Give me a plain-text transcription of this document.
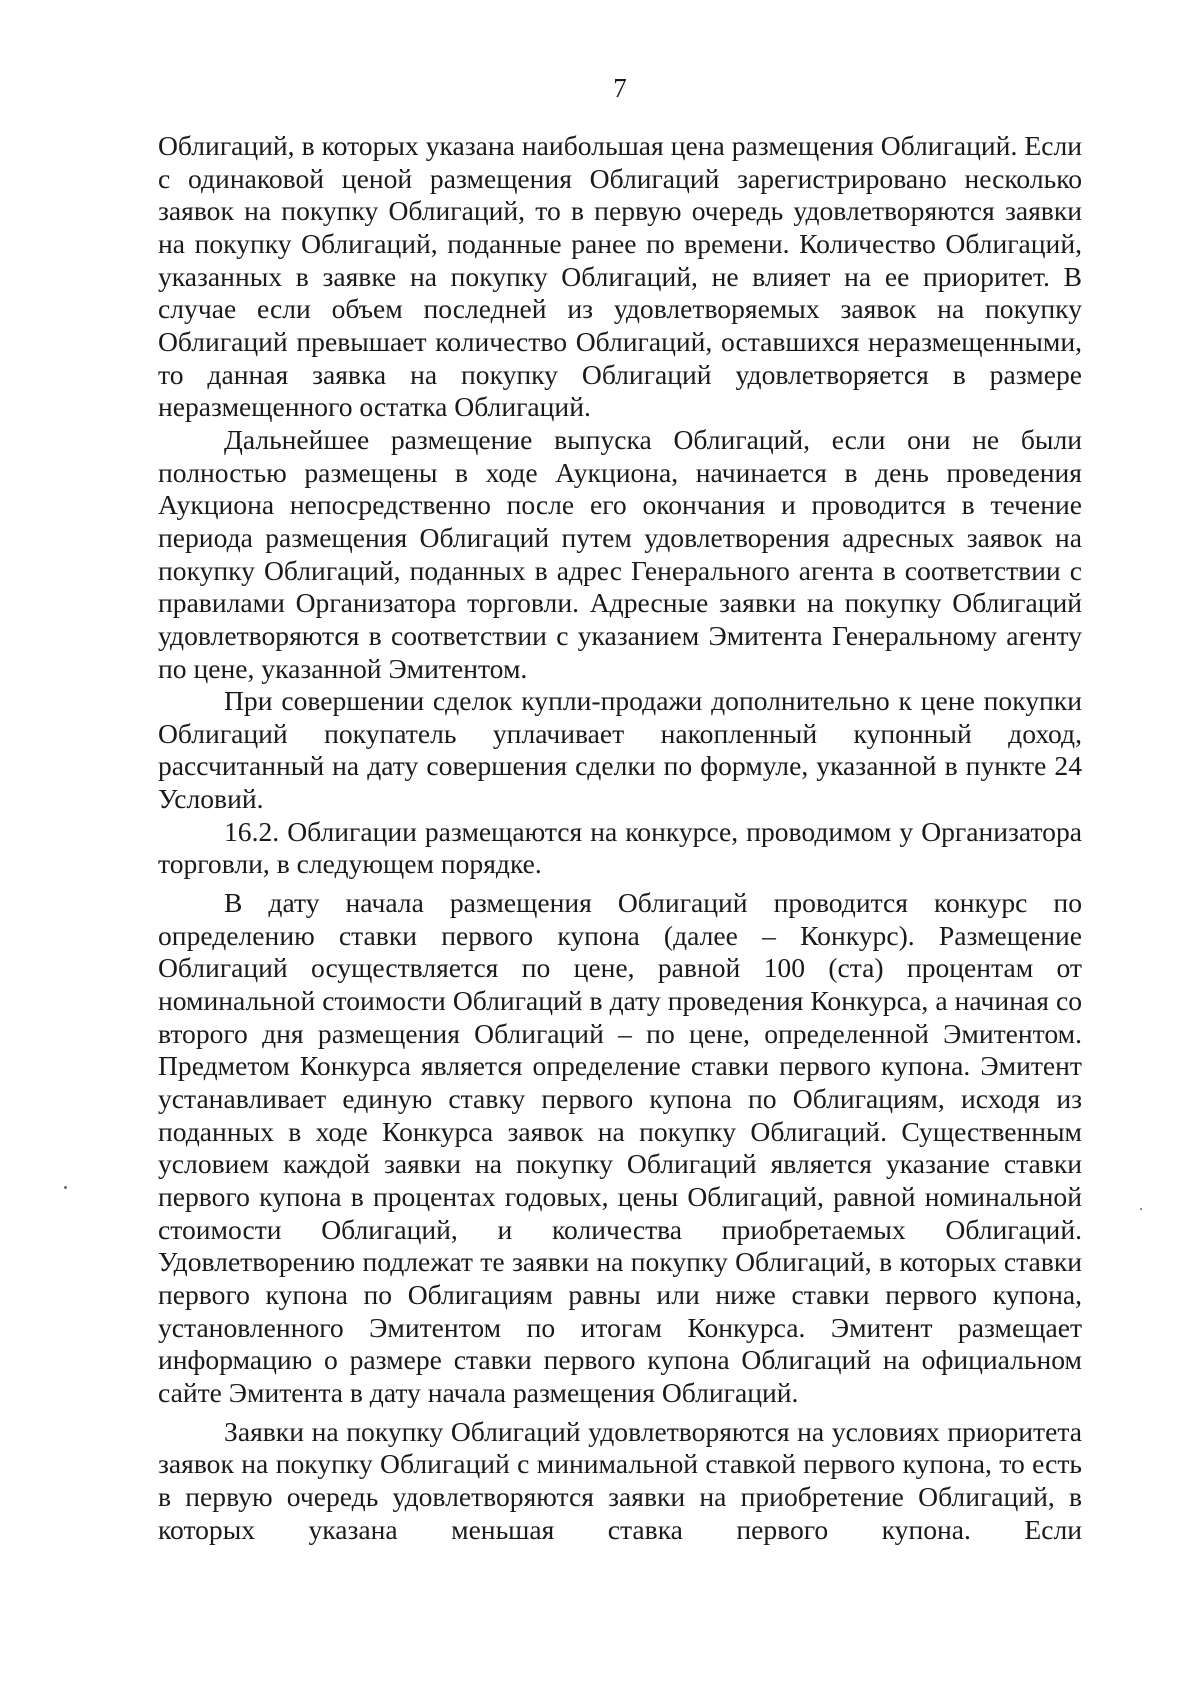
7

Облигаций, в которых указана наибольшая цена размещения Облигаций. Если с одинаковой ценой размещения Облигаций зарегистрировано несколько заявок на покупку Облигаций, то в первую очередь удовлетворяются заявки на покупку Облигаций, поданные ранее по времени. Количество Облигаций, указанных в заявке на покупку Облигаций, не влияет на ее приоритет. В случае если объем последней из удовлетворяемых заявок на покупку Облигаций превышает количество Облигаций, оставшихся неразмещенными, то данная заявка на покупку Облигаций удовлетворяется в размере неразмещенного остатка Облигаций.

Дальнейшее размещение выпуска Облигаций, если они не были полностью размещены в ходе Аукциона, начинается в день проведения Аукциона непосредственно после его окончания и проводится в течение периода размещения Облигаций путем удовлетворения адресных заявок на покупку Облигаций, поданных в адрес Генерального агента в соответствии с правилами Организатора торговли. Адресные заявки на покупку Облигаций удовлетворяются в соответствии с указанием Эмитента Генеральному агенту по цене, указанной Эмитентом.

При совершении сделок купли-продажи дополнительно к цене покупки Облигаций покупатель уплачивает накопленный купонный доход, рассчитанный на дату совершения сделки по формуле, указанной в пункте 24 Условий.

16.2. Облигации размещаются на конкурсе, проводимом у Организатора торговли, в следующем порядке.

В дату начала размещения Облигаций проводится конкурс по определению ставки первого купона (далее – Конкурс). Размещение Облигаций осуществляется по цене, равной 100 (ста) процентам от номинальной стоимости Облигаций в дату проведения Конкурса, а начиная со второго дня размещения Облигаций – по цене, определенной Эмитентом. Предметом Конкурса является определение ставки первого купона. Эмитент устанавливает единую ставку первого купона по Облигациям, исходя из поданных в ходе Конкурса заявок на покупку Облигаций. Существенным условием каждой заявки на покупку Облигаций является указание ставки первого купона в процентах годовых, цены Облигаций, равной номинальной стоимости Облигаций, и количества приобретаемых Облигаций. Удовлетворению подлежат те заявки на покупку Облигаций, в которых ставки первого купона по Облигациям равны или ниже ставки первого купона, установленного Эмитентом по итогам Конкурса. Эмитент размещает информацию о размере ставки первого купона Облигаций на официальном сайте Эмитента в дату начала размещения Облигаций.

Заявки на покупку Облигаций удовлетворяются на условиях приоритета заявок на покупку Облигаций с минимальной ставкой первого купона, то есть в первую очередь удовлетворяются заявки на приобретение Облигаций, в которых указана меньшая ставка первого купона. Если
